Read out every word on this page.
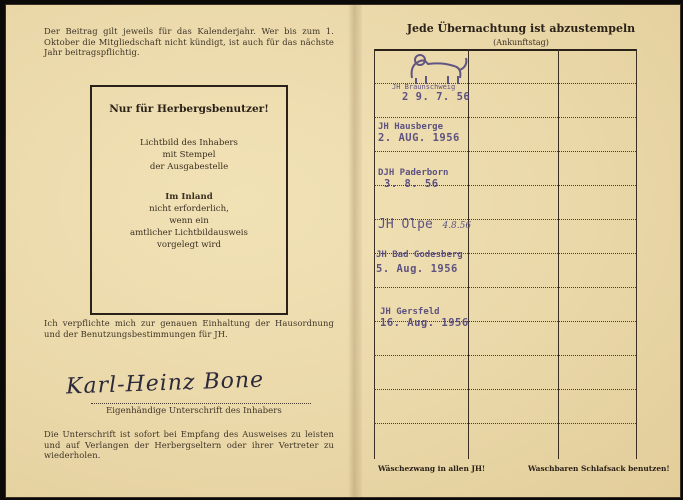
Der Beitrag gilt jeweils für das Kalenderjahr. Wer bis zum 1. Oktober die Mitgliedschaft nicht kündigt, ist auch für das nächste Jahr beitragspflichtig.
Nur für Herbergsbenutzer!
Lichtbild des Inhabers
mit Stempel
der Ausgabestelle
Im Inland
nicht erforderlich,
wenn ein
amtlicher Lichtbildausweis
vorgelegt wird
Ich verpflichte mich zur genauen Einhaltung der Hausordnung und der Benutzungsbestimmungen für JH.
Karl-Heinz Bone
Eigenhändige Unterschrift des Inhabers
Die Unterschrift ist sofort bei Empfang des Ausweises zu leisten und auf Verlangen der Herbergseltern oder ihrer Vertreter zu wiederholen.
Jede Übernachtung ist abzustempeln
(Ankunftstag)
JH Braunschweig
2 9. 7. 56
JH Hausberge
2. AUG. 1956
DJH Paderborn
3. 8. 56
JH Olpe 4.8.56
JH Bad Godesberg
5. Aug. 1956
JH Gersfeld
16. Aug. 1956
Wäschezwang in allen JH!	Waschbaren Schlafsack benutzen!
